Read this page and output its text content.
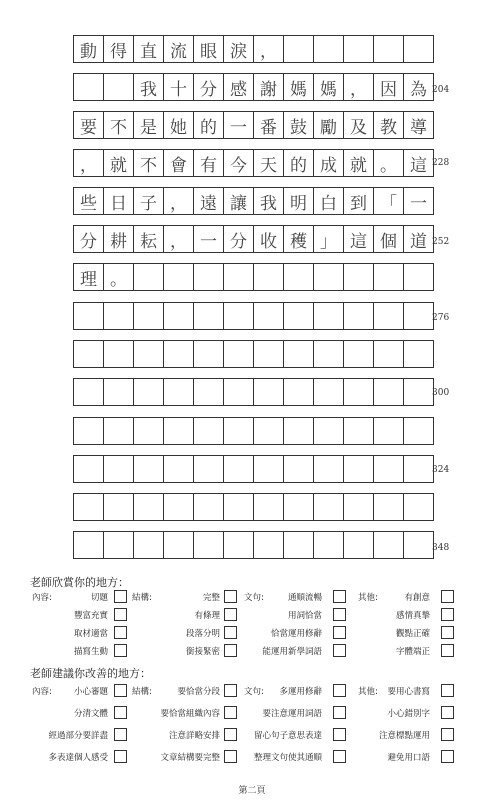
動 得 直 流 眼 淚 ，
我 十 分 感 謝 媽 媽 ， 因 為
要 不 是 她 的 一 番 鼓 勵 及 教 導
， 就 不 會 有 今 天 的 成 就 。 這
些 日 子 ， 遠 讓 我 明 白 到 「 一
分 耕 耘 ， 一 分 收 穫 」 這 個 道
理 。
204
228
252
276
300
324
348
老師欣賞你的地方：
內容:	切題	結構:	完整	文句:	通順流暢	其他:	有創意
豐富充實	有條理	用詞恰當	感情真摯
取材適當	段落分明	恰當運用修辭	觀點正確
描寫生動	銜接緊密	能運用新學詞語	字體端正
老師建議你改善的地方：
內容:	小心審題	結構:	要恰當分段	文句: 多運用修辭	其他: 要用心書寫
分清文體	要恰當組織內容	要注意運用詞語	小心錯別字
經過部分要詳盡	注意詳略安排	留心句子意思表達	注意標點運用
多表達個人感受	文章結構要完整	整理文句使其通順	避免用口語
第二頁
